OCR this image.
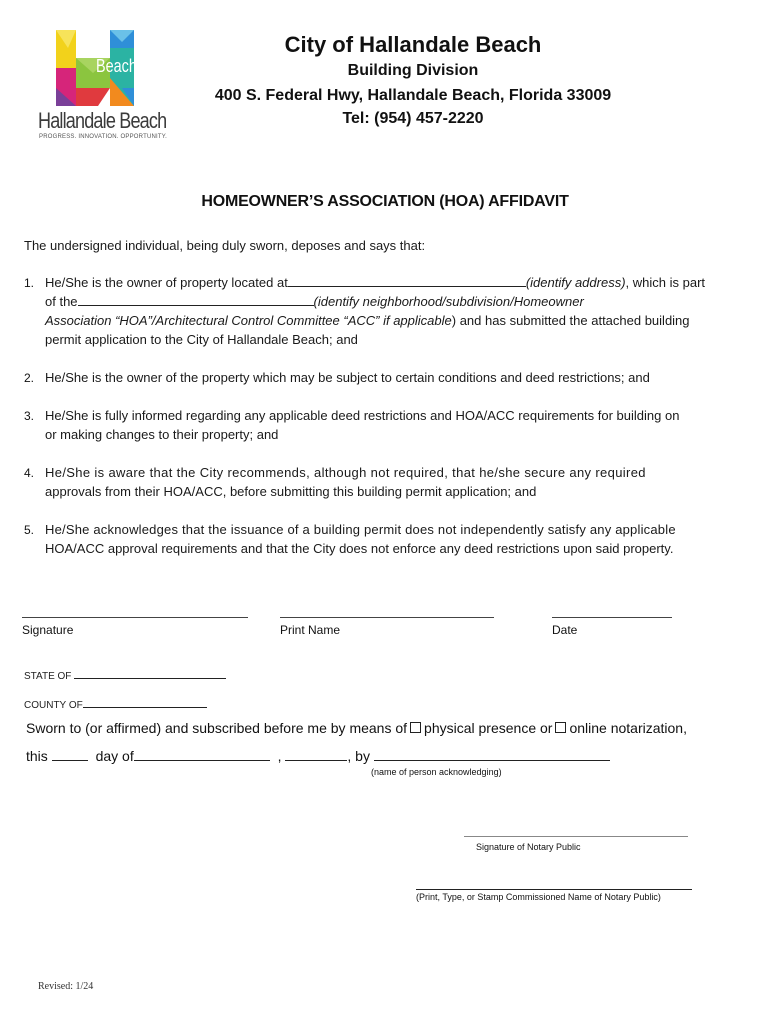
Beach
Hallandale Beach
PROGRESS. INNOVATION. OPPORTUNITY.
City of Hallandale Beach
Building Division
400 S. Federal Hwy, Hallandale Beach, Florida 33009
Tel: (954) 457-2220
HOMEOWNER’S ASSOCIATION (HOA) AFFIDAVIT
The undersigned individual, being duly sworn, deposes and says that:
1. He/She is the owner of property located at	(identify address), which is part
of the	(identify neighborhood/subdivision/Homeowner
Association “HOA”/Architectural Control Committee “ACC” if applicable) and has submitted the attached building
permit application to the City of Hallandale Beach; and
2. He/She is the owner of the property which may be subject to certain conditions and deed restrictions; and
3. He/She is fully informed regarding any applicable deed restrictions and HOA/ACC requirements for building on
or making changes to their property; and
4. He/She is aware that the City recommends, although not required, that he/she secure any required
approvals from their HOA/ACC, before submitting this building permit application; and
5. He/She acknowledges that the issuance of a building permit does not independently satisfy any applicable
HOA/ACC approval requirements and that the City does not enforce any deed restrictions upon said property.
Signature	Print Name	Date
STATE OF
COUNTY OF
Sworn to (or affirmed) and subscribed before me by means of physical presence or online notarization,
this	day of	,	, by
(name of person acknowledging)
Signature of Notary Public
(Print, Type, or Stamp Commissioned Name of Notary Public)
Revised: 1/24
